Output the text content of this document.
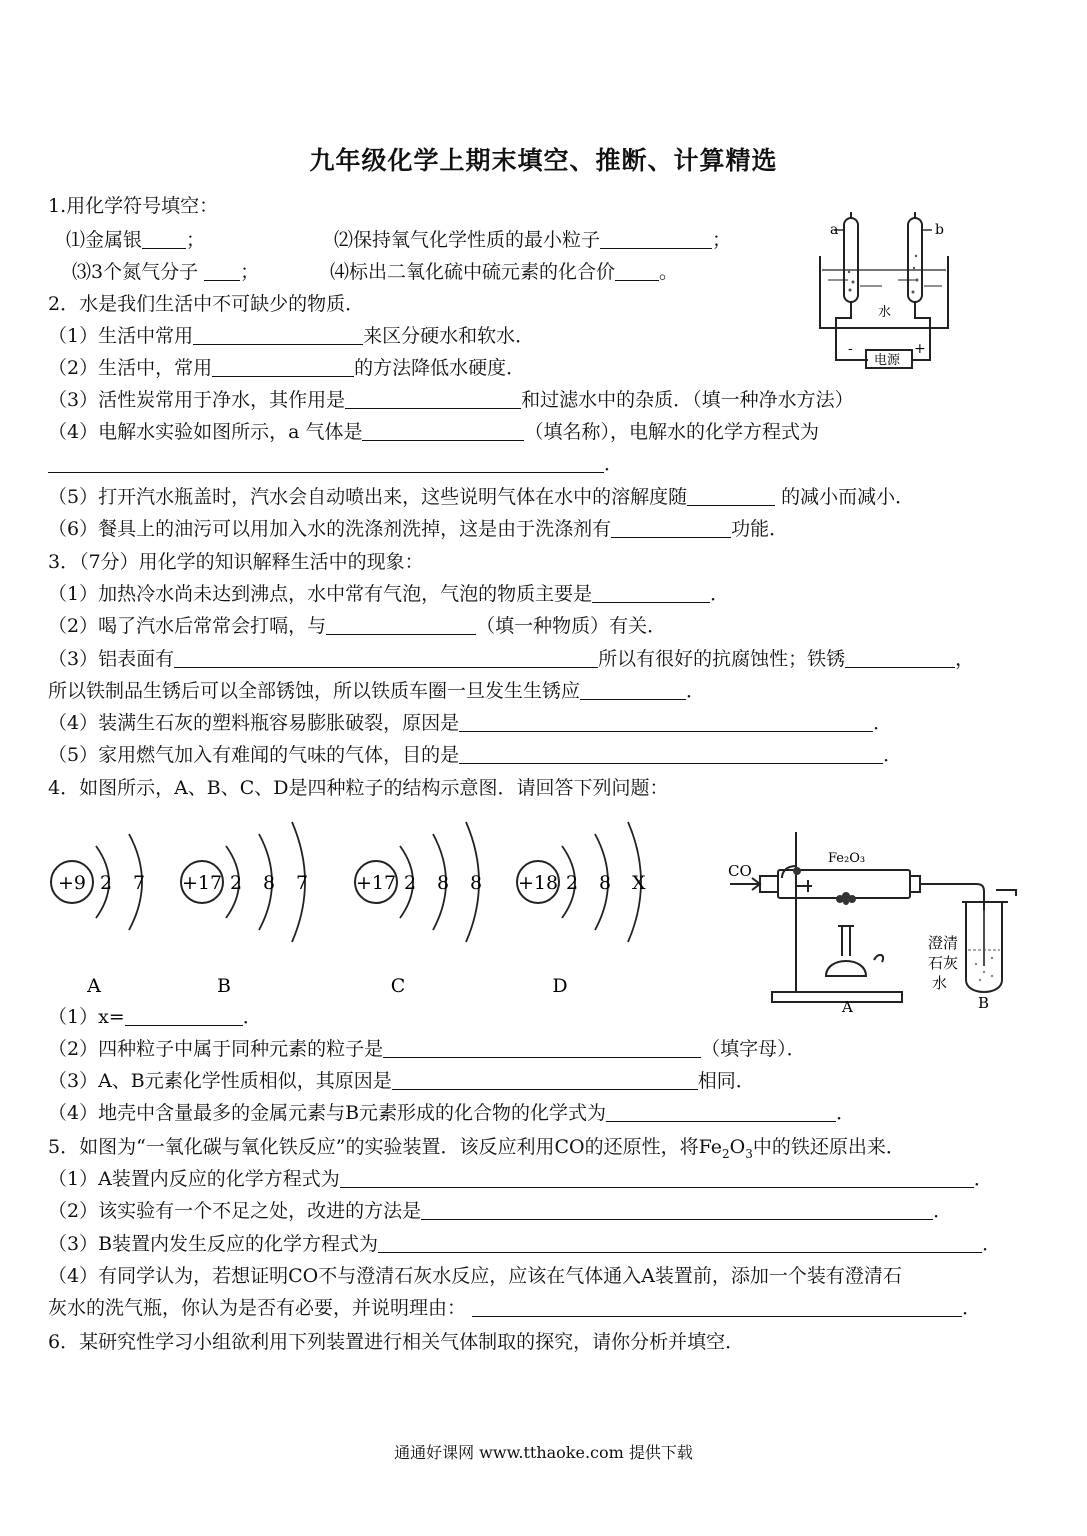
九年级化学上期末填空、推断、计算精选
1.用化学符号填空：
⑴金属银 ；	⑵保持氧气化学性质的最小粒子	；
⑶3个氮气分子 ；	⑷标出二氧化硫中硫元素的化合价 。
2．水是我们生活中不可缺少的物质．
（1）生活中常用	来区分硬水和软水．
（2）生活中，常用	的方法降低水硬度．
（3）活性炭常用于净水，其作用是	和过滤水中的杂质．（填一种净水方法）
（4）电解水实验如图所示，a 气体是	（填名称），电解水的化学方程式为
．
（5）打开汽水瓶盖时，汽水会自动喷出来，这些说明气体在水中的溶解度随	的减小而减小．
（6）餐具上的油污可以用加入水的洗涤剂洗掉，这是由于洗涤剂有	功能．
3．（7分）用化学的知识解释生活中的现象：
（1）加热冷水尚未达到沸点，水中常有气泡，气泡的物质主要是	．
（2）喝了汽水后常常会打嗝，与	（填一种物质）有关．
（3）铝表面有	所以有很好的抗腐蚀性；铁锈	，
所以铁制品生锈后可以全部锈蚀，所以铁质车圈一旦发生生锈应	．
（4）装满生石灰的塑料瓶容易膨胀破裂，原因是	．
（5）家用燃气加入有难闻的气味的气体，目的是	．
4．如图所示，A、B、C、D是四种粒子的结构示意图．请回答下列问题：
（1）x=	．
（2）四种粒子中属于同种元素的粒子是	（填字母）．
（3）A、B元素化学性质相似，其原因是	相同．
（4）地壳中含量最多的金属元素与B元素形成的化合物的化学式为	．
5．如图为“一氧化碳与氧化铁反应”的实验装置．该反应利用CO的还原性，将$Fe_2O_3$中的铁还原出来．
（1）A装置内反应的化学方程式为	．
（2）该实验有一个不足之处，改进的方法是	．
（3）B装置内发生反应的化学方程式为	．
（4）有同学认为，若想证明CO不与澄清石灰水反应，应该在气体通入A装置前，添加一个装有澄清石
灰水的洗气瓶，你认为是否有必要，并说明理由：	．
6．某研究性学习小组欲利用下列装置进行相关气体制取的探究，请你分析并填空．
a	b
水
电源
-	+
+9 2 7
A
+17 2 8 7
B
+17 2 8 8
C
+18 2 8 X
D
CO
Fe₂O₃
澄清
石灰
水
A	B
通通好课网 www.tthaoke.com 提供下载
